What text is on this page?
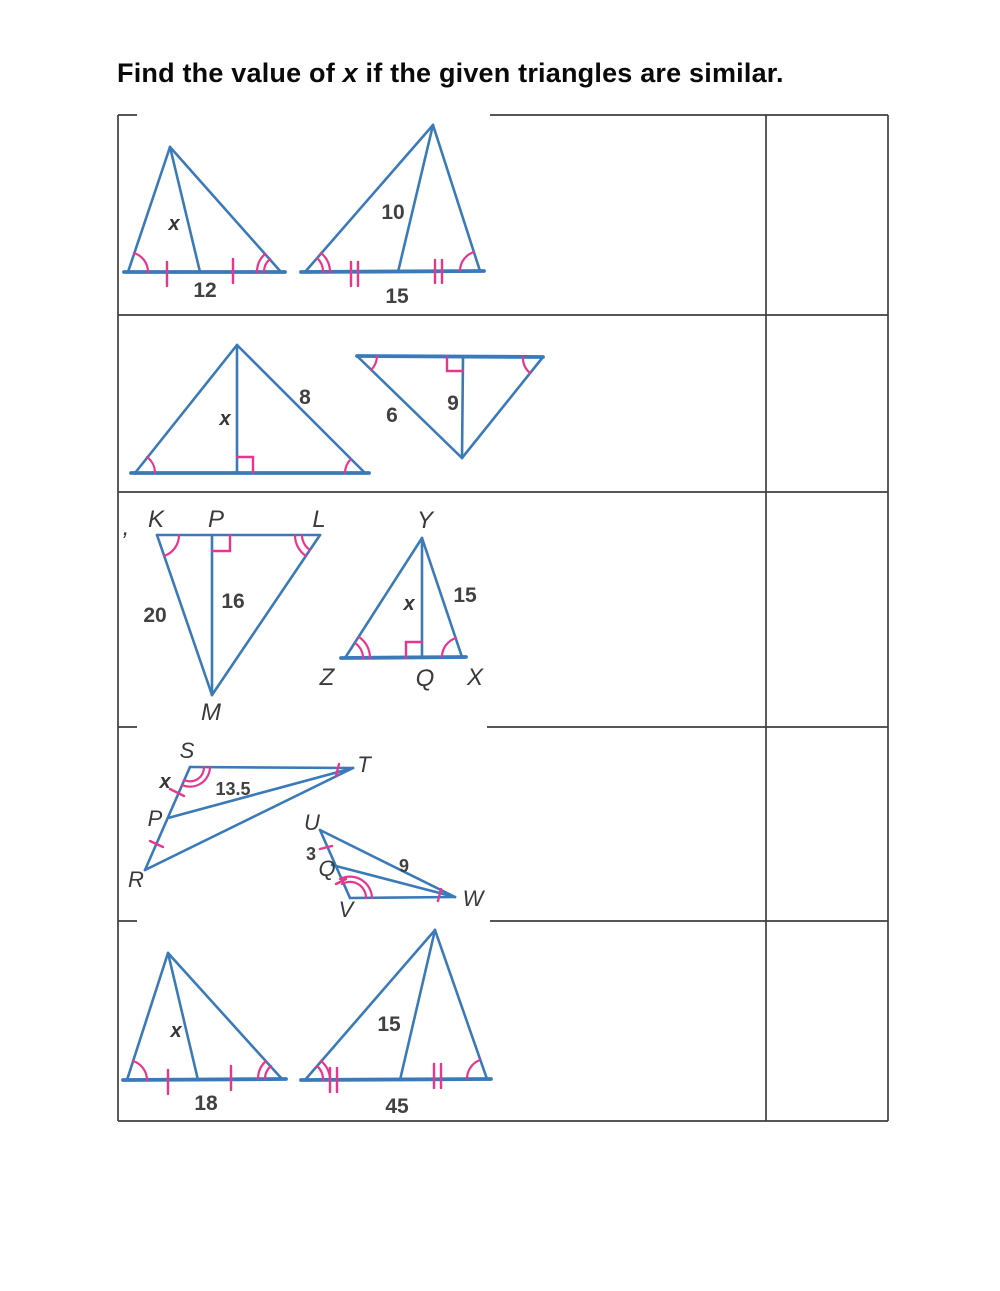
Find the value of x if the given triangles are similar.
x
12
10
15
x
8
6
9
, K P	L
M
20
16
Y
Z	Q X
x 15
S
T
P
R
x 13.5
U
Q
V	W
3
9
x
18
15
45
